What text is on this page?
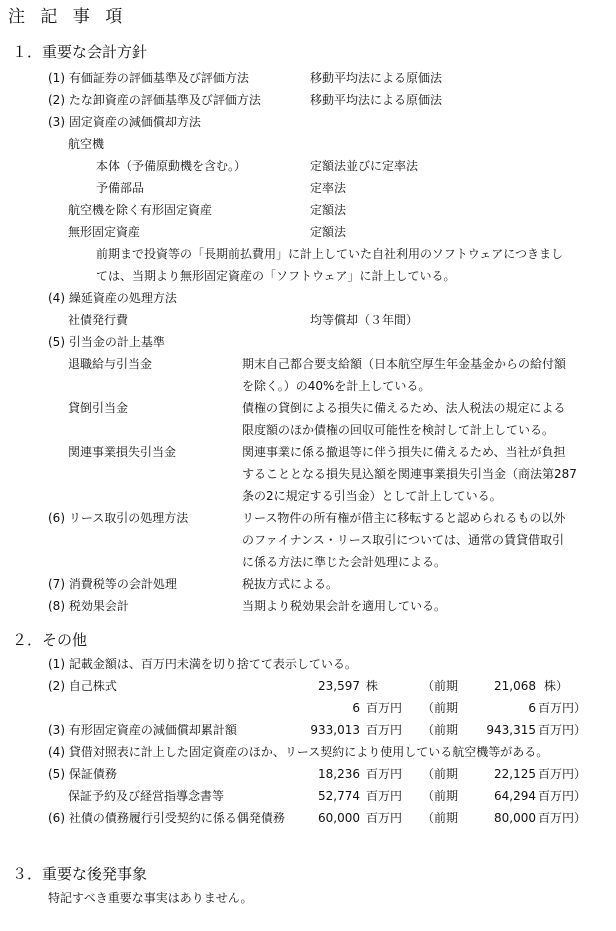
注 記 事 項
１．重要な会計方針
(1) 有価証券の評価基準及び評価方法	移動平均法による原価法
(2) たな卸資産の評価基準及び評価方法	移動平均法による原価法
(3) 固定資産の減価償却方法
航空機
本体（予備原動機を含む。）	定額法並びに定率法
予備部品	定率法
航空機を除く有形固定資産	定額法
無形固定資産	定額法
前期まで投資等の「長期前払費用」に計上していた自社利用のソフトウェアにつきまし
ては、当期より無形固定資産の「ソフトウェア」に計上している。
(4) 繰延資産の処理方法
社債発行費	均等償却（３年間）
(5) 引当金の計上基準
退職給与引当金	期末自己都合要支給額（日本航空厚生年金基金からの給付額
を除く。）の40%を計上している。
貸倒引当金	債権の貸倒による損失に備えるため、法人税法の規定による
限度額のほか債権の回収可能性を検討して計上している。
関連事業損失引当金	関連事業に係る撤退等に伴う損失に備えるため、当社が負担
することとなる損失見込額を関連事業損失引当金（商法第287
条の2に規定する引当金）として計上している。
(6) リース取引の処理方法	リース物件の所有権が借主に移転すると認められるもの以外
のファイナンス・リース取引については、通常の賃貸借取引
に係る方法に準じた会計処理による。
(7) 消費税等の会計処理	税抜方式による。
(8) 税効果会計	当期より税効果会計を適用している。
２．その他
(1) 記載金額は、百万円未満を切り捨てて表示している。
(2) 自己株式	23,597 株	（前期	21,068 株）
6 百万円 （前期	6 百万円）
(3) 有形固定資産の減価償却累計額	933,013 百万円 （前期	943,315 百万円）
(4) 貸借対照表に計上した固定資産のほか、リース契約により使用している航空機等がある。
(5) 保証債務	18,236 百万円 （前期	22,125 百万円）
保証予約及び経営指導念書等	52,774 百万円 （前期	64,294 百万円）
(6) 社債の債務履行引受契約に係る偶発債務	60,000 百万円 （前期	80,000 百万円）
３．重要な後発事象
特記すべき重要な事実はありません。
